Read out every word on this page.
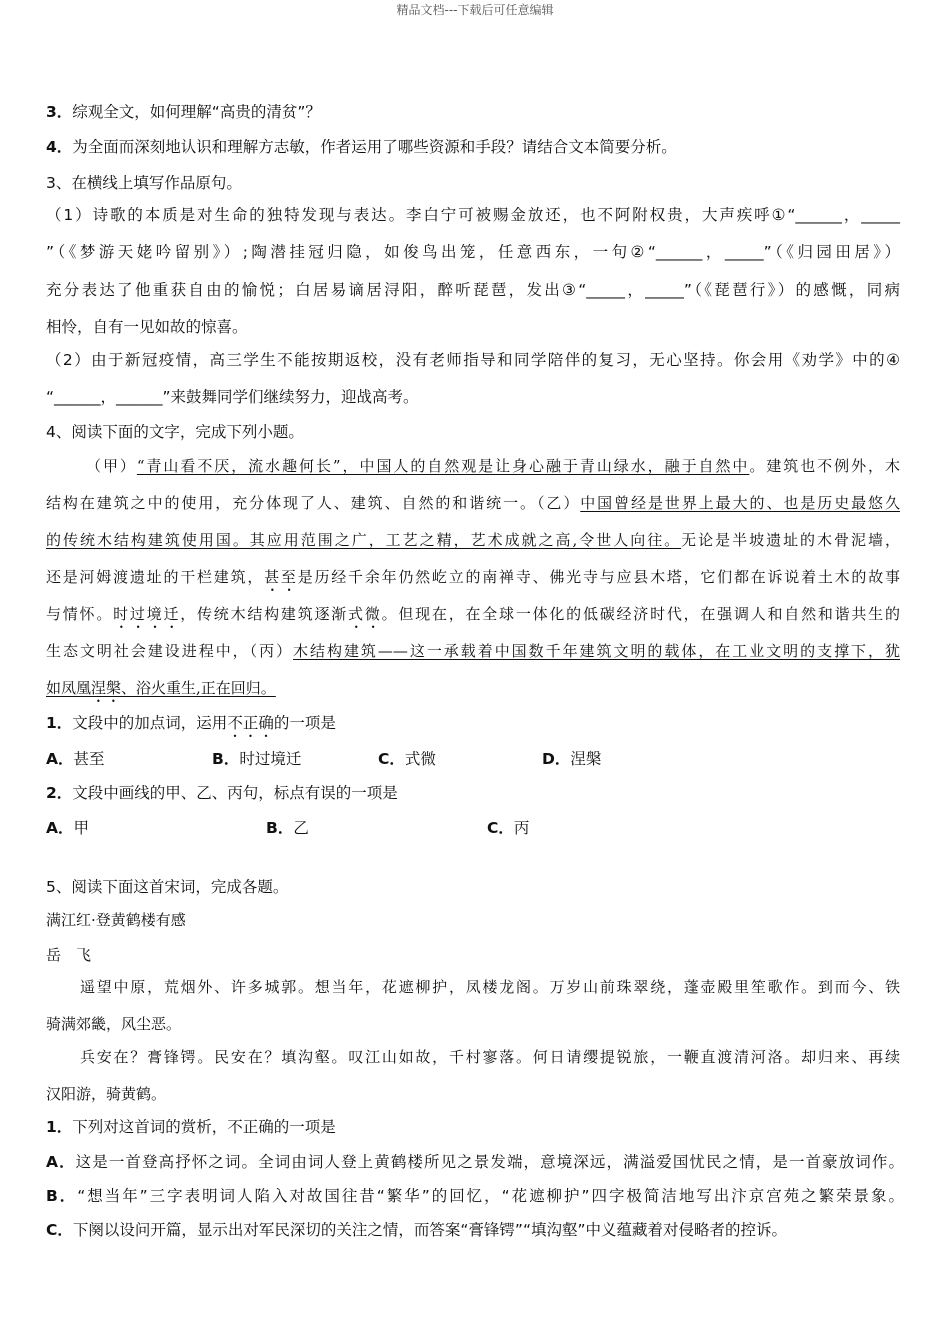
精品文档---下载后可任意编辑
3．综观全文，如何理解“高贵的清贫”？
4．为全面而深刻地认识和理解方志敏，作者运用了哪些资源和手段？请结合文本简要分析。
3、在横线上填写作品原句。
（1）诗歌的本质是对生命的独特发现与表达。李白宁可被赐金放还，也不阿附权贵，大声疾呼①“______，_____
”（《梦游天姥吟留别》）;陶潜挂冠归隐，如俊鸟出笼，任意西东，一句②“______，_____”（《归园田居》）
充分表达了他重获自由的愉悦；白居易谪居浔阳，醉听琵琶，发出③“_____，_____”（《琵琶行》）的感慨，同病
相怜，自有一见如故的惊喜。
（2）由于新冠疫情，高三学生不能按期返校，没有老师指导和同学陪伴的复习，无心坚持。你会用《劝学》中的④
“______，______”来鼓舞同学们继续努力，迎战高考。
4、阅读下面的文字，完成下列小题。
（甲）“青山看不厌，流水趣何长”，中国人的自然观是让身心融于青山绿水，融于自然中。建筑也不例外，木
结构在建筑之中的使用，充分体现了人、建筑、自然的和谐统一。（乙）中国曾经是世界上最大的、也是历史最悠久
的传统木结构建筑使用国。其应用范围之广，工艺之精，艺术成就之高,令世人向往。无论是半坡遗址的木骨泥墙，
还是河姆渡遗址的干栏建筑，甚至是历经千余年仍然屹立的南禅寺、佛光寺与应县木塔，它们都在诉说着土木的故事
与情怀。时过境迁，传统木结构建筑逐渐式微。但现在，在全球一体化的低碳经济时代，在强调人和自然和谐共生的
生态文明社会建设进程中，（丙）木结构建筑——这一承载着中国数千年建筑文明的载体，在工业文明的支撑下，犹
如凤凰涅槃、浴火重生,正在回归。
1．文段中的加点词，运用不正确的一项是
A．甚至	B．时过境迁	C．式微	D．涅槃
2．文段中画线的甲、乙、丙句，标点有误的一项是
A．甲	B．乙	C．丙
5、阅读下面这首宋词，完成各题。
满江红·登黄鹤楼有感
岳　飞
遥望中原，荒烟外、许多城郭。想当年，花遮柳护，凤楼龙阁。万岁山前珠翠绕，蓬壶殿里笙歌作。到而今、铁
骑满郊畿，风尘恶。
兵安在？膏锋锷。民安在？填沟壑。叹江山如故，千村寥落。何日请缨提锐旅，一鞭直渡清河洛。却归来、再续
汉阳游，骑黄鹤。
1．下列对这首词的赏析，不正确的一项是
A．这是一首登高抒怀之词。全词由词人登上黄鹤楼所见之景发端，意境深远，满溢爱国忧民之情，是一首豪放词作。
B．“想当年”三字表明词人陷入对故国往昔“繁华”的回忆，“花遮柳护”四字极简洁地写出汴京宫苑之繁荣景象。
C．下阕以设问开篇，显示出对军民深切的关注之情，而答案“膏锋锷”“填沟壑”中义蕴藏着对侵略者的控诉。
